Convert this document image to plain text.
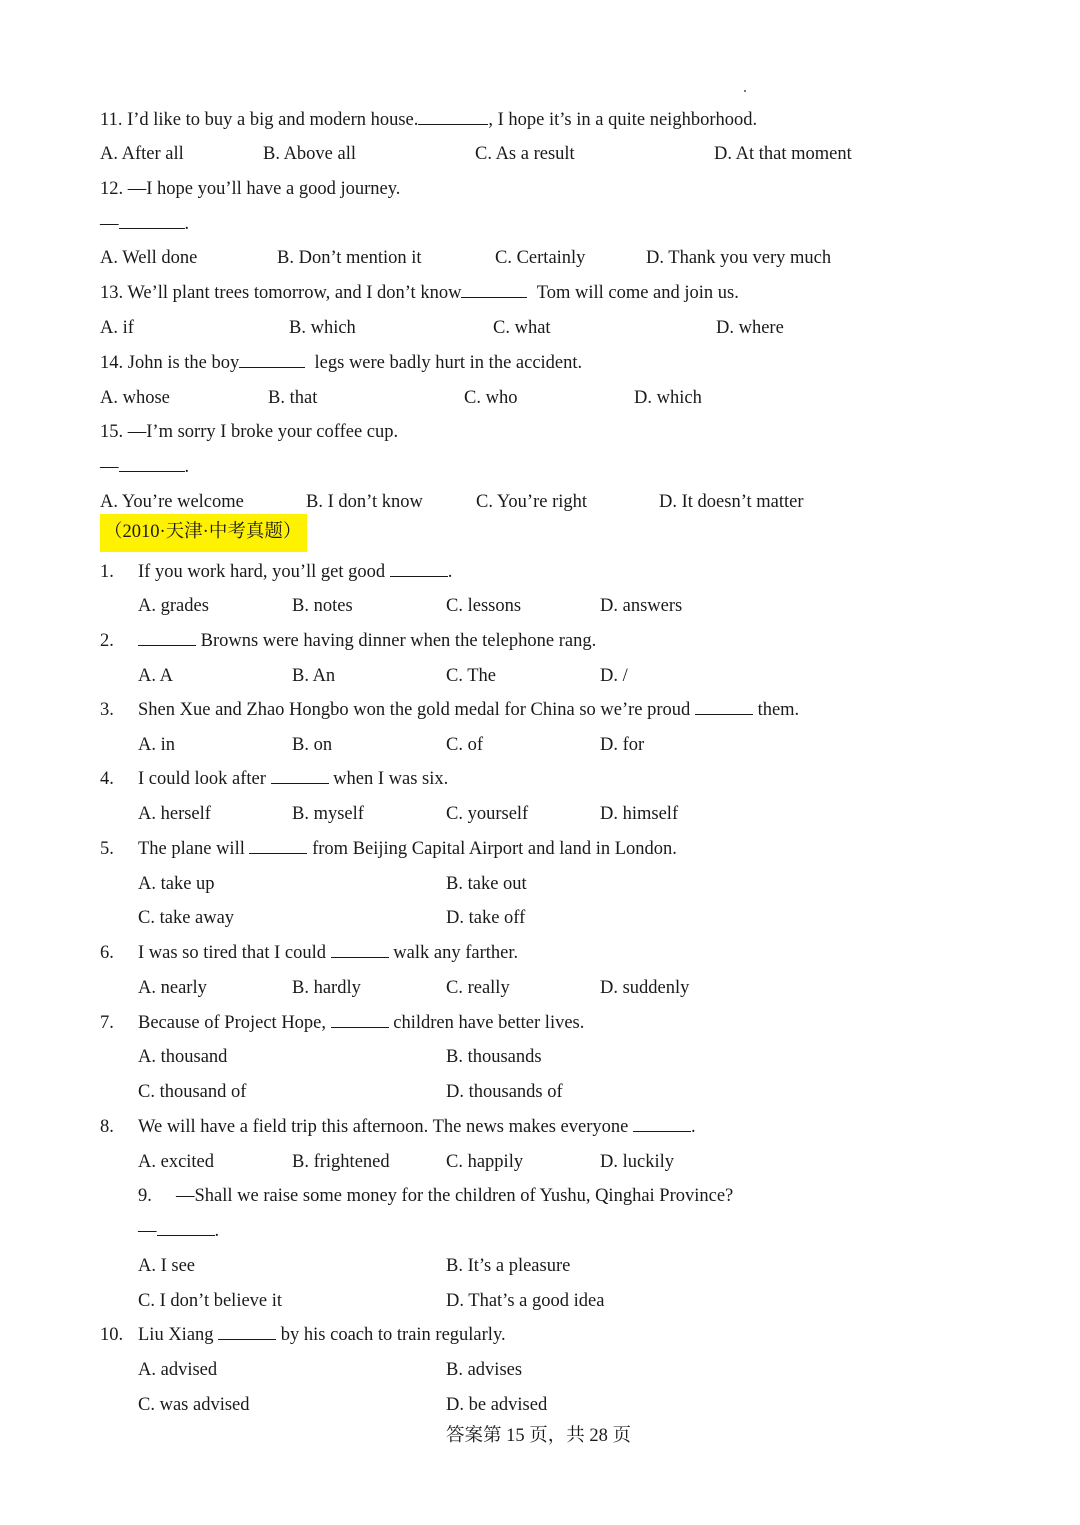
11. I’d like to buy a big and modern house.	, I hope it’s in a quite neighborhood.
A. After all	B. Above all	C. As a result	D. At that moment
12. —I hope you’ll have a good journey.
—	.
A. Well done	B. Don’t mention it	C. Certainly	D. Thank you very much
13. We’ll plant trees tomorrow, and I don’t know	Tom will come and join us.
A. if	B. which	C. what	D. where
14. John is the boy	legs were badly hurt in the accident.
A. whose	B. that	C. who	D. which
15. —I’m sorry I broke your coffee cup.
—	.
A. You’re welcome	B. I don’t know	C. You’re right	D. It doesn’t matter
（2010·天津·中考真题）
1. If you work hard, you’ll get good	.
A. grades	B. notes	C. lessons	D. answers
2.	Browns were having dinner when the telephone rang.
A. A	B. An	C. The	D. /
3. Shen Xue and Zhao Hongbo won the gold medal for China so we’re proud	them.
A. in	B. on	C. of	D. for
4. I could look after	when I was six.
A. herself	B. myself	C. yourself	D. himself
5. The plane will	from Beijing Capital Airport and land in London.
A. take up	B. take out
C. take away	D. take off
6. I was so tired that I could	walk any farther.
A. nearly	B. hardly	C. really	D. suddenly
7. Because of Project Hope,	children have better lives.
A. thousand	B. thousands
C. thousand of	D. thousands of
8. We will have a field trip this afternoon. The news makes everyone	.
A. excited	B. frightened	C. happily	D. luckily
9. —Shall we raise some money for the children of Yushu, Qinghai Province?
—	.
A. I see	B. It’s a pleasure
C. I don’t believe it	D. That’s a good idea
10. Liu Xiang	by his coach to train regularly.
A. advised	B. advises
C. was advised	D. be advised
答案第 15 页，共 28 页
